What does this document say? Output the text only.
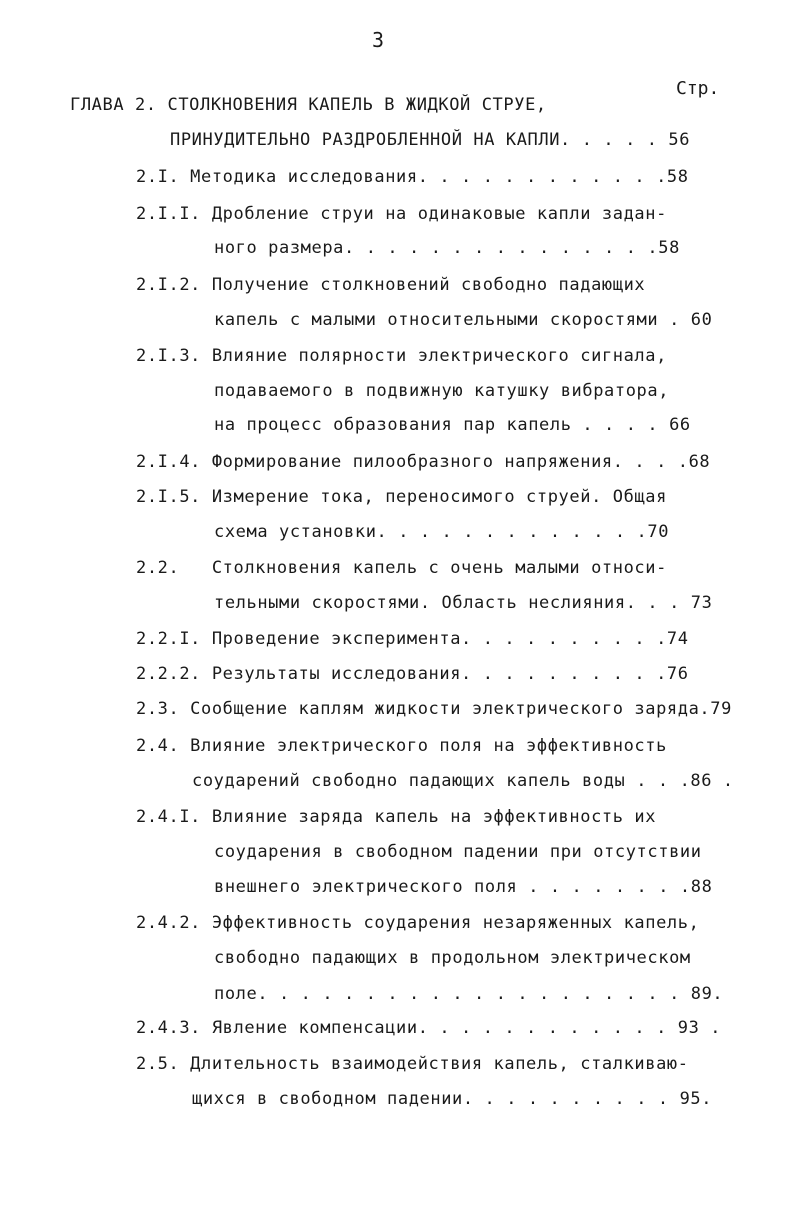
3
Стр.
ГЛАВА 2. СТОЛКНОВЕНИЯ КАПЕЛЬ В ЖИДКОЙ СТРУЕ,
ПРИНУДИТЕЛЬНО РАЗДРОБЛЕННОЙ НА КАПЛИ. . . . . 56
2.I. Методика исследования. . . . . . . . . . . .58
2.I.I. Дробление струи на одинаковые капли задан-
ного размера. . . . . . . . . . . . . . .58
2.I.2. Получение столкновений свободно падающих
капель с малыми относительными скоростями . 60
2.I.3. Влияние полярности электрического сигнала,
подаваемого в подвижную катушку вибратора,
на процесс образования пар капель . . . . 66
2.I.4. Формирование пилообразного напряжения. . . .68
2.I.5. Измерение тока, переносимого струей. Общая
схема установки. . . . . . . . . . . . .70
2.2.   Столкновения капель с очень малыми относи-
тельными скоростями. Область неслияния. . . 73
2.2.I. Проведение эксперимента. . . . . . . . . .74
2.2.2. Результаты исследования. . . . . . . . . .76
2.3. Сообщение каплям жидкости электрического заряда.79
2.4. Влияние электрического поля на эффективность
соударений свободно падающих капель воды . . .86 .
2.4.I. Влияние заряда капель на эффективность их
соударения в свободном падении при отсутствии
внешнего электрического поля . . . . . . . .88
2.4.2. Эффективность соударения незаряженных капель,
свободно падающих в продольном электрическом
поле. . . . . . . . . . . . . . . . . . . . 89.
2.4.3. Явление компенсации. . . . . . . . . . . . 93 .
2.5. Длительность взаимодействия капель, сталкиваю-
щихся в свободном падении. . . . . . . . . . 95.
